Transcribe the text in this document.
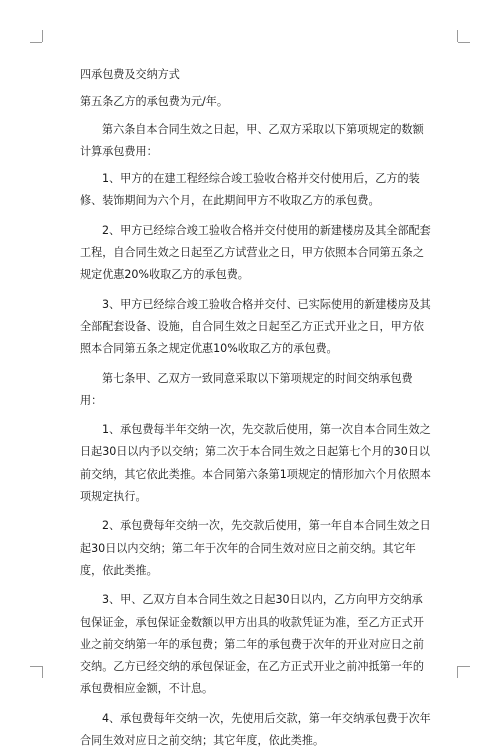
四承包费及交纳方式

第五条乙方的承包费为元/年。

第六条自本合同生效之日起，甲、乙双方采取以下第项规定的数额计算承包费用：

1、甲方的在建工程经综合竣工验收合格并交付使用后，乙方的装修、装饰期间为六个月，在此期间甲方不收取乙方的承包费。

2、甲方已经综合竣工验收合格并交付使用的新建楼房及其全部配套工程，自合同生效之日起至乙方试营业之日，甲方依照本合同第五条之规定优惠20%收取乙方的承包费。

3、甲方已经综合竣工验收合格并交付、已实际使用的新建楼房及其全部配套设备、设施，自合同生效之日起至乙方正式开业之日，甲方依照本合同第五条之规定优惠10%收取乙方的承包费。

第七条甲、乙双方一致同意采取以下第项规定的时间交纳承包费用：

1、承包费每半年交纳一次，先交款后使用，第一次自本合同生效之日起30日以内予以交纳；第二次于本合同生效之日起第七个月的30日以前交纳，其它依此类推。本合同第六条第1项规定的情形加六个月依照本项规定执行。

2、承包费每年交纳一次，先交款后使用，第一年自本合同生效之日起30日以内交纳；第二年于次年的合同生效对应日之前交纳。其它年度，依此类推。

3、甲、乙双方自本合同生效之日起30日以内，乙方向甲方交纳承包保证金，承包保证金数额以甲方出具的收款凭证为准，至乙方正式开业之前交纳第一年的承包费；第二年的承包费于次年的开业对应日之前交纳。乙方已经交纳的承包保证金，在乙方正式开业之前冲抵第一年的承包费相应金额，不计息。

4、承包费每年交纳一次，先使用后交款，第一年交纳承包费于次年合同生效对应日之前交纳；其它年度，依此类推。
